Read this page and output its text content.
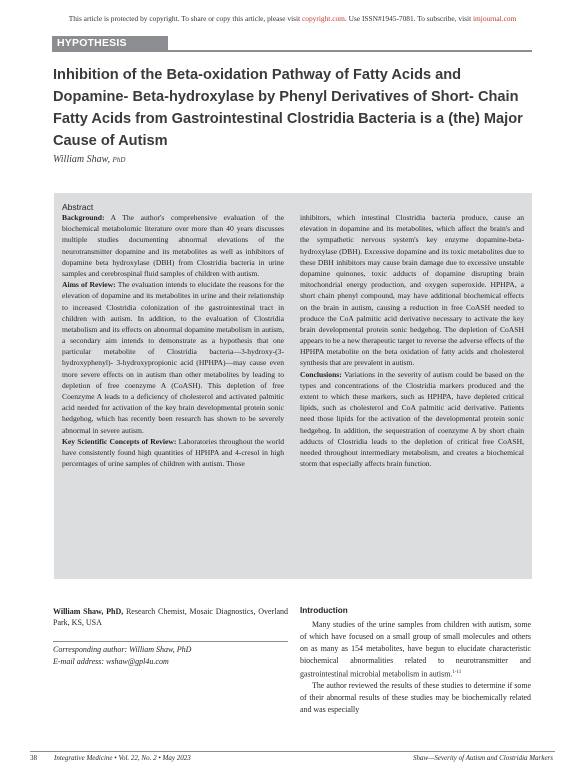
This article is protected by copyright. To share or copy this article, please visit copyright.com. Use ISSN#1945-7081. To subscribe, visit imjournal.com
HYPOTHESIS
Inhibition of the Beta-oxidation Pathway of Fatty Acids and Dopamine- Beta-hydroxylase by Phenyl Derivatives of Short- Chain Fatty Acids from Gastrointestinal Clostridia Bacteria is a (the) Major Cause of Autism
William Shaw, PhD
Abstract

Background: A The author's comprehensive evaluation of the biochemical metabolomic literature over more than 40 years discusses multiple studies documenting abnormal elevations of the neurotransmitter dopamine and its metabolites as well as inhibitors of dopamine beta hydroxylase (DBH) from Clostridia bacteria in urine samples and cerebrospinal fluid samples of children with autism.

Aims of Review: The evaluation intends to elucidate the reasons for the elevation of dopamine and its metabolites in urine and their relationship to increased Clostridia colonization of the gastrointestinal tract in children with autism. In addition, to the evaluation of Clostridia metabolism and its effects on abnormal dopamine metabolism in autism, a secondary aim intends to demonstrate as a hypothesis that one particular metabolite of Clostridia bacteria—3-hydroxy-(3-hydroxyphenyl)- 3-hydroxypropionic acid (HPHPA)—may cause even more severe effects on in autism than other metabolites by leading to depletion of free coenzyme A (CoASH). This depletion of free Coenzyme A leads to a deficiency of cholesterol and activated palmitic acid needed for activation of the key brain developmental protein sonic hedgehog, which has recently been research has shown to be severely abnormal in severe autism.

Key Scientific Concepts of Review: Laboratories throughout the world have consistently found high quantities of HPHPA and 4-cresol in high percentages of urine samples of children with autism. Those

inhibitors, which intestinal Clostridia bacteria produce, cause an elevation in dopamine and its metabolites, which affect the brain's and the sympathetic nervous system's key enzyme dopamine-beta-hydroxylase (DBH). Excessive dopamine and its toxic metabolites due to these DBH inhibitors may cause brain damage due to excessive unstable dopamine quinones, toxic adducts of dopamine disrupting brain mitochondrial energy production, and oxygen superoxide. HPHPA, a short chain phenyl compound, may have additional biochemical effects on the brain in autism, causing a reduction in free CoASH needed to produce the CoA palmitic acid derivative necessary to activate the key brain developmental protein sonic hedgehog. The depletion of CoASH appears to be a new therapeutic target to reverse the adverse effects of the HPHPA metabolite on the beta oxidation of fatty acids and cholesterol synthesis that are prevalent in autism.

Conclusions: Variations in the severity of autism could be based on the types and concentrations of the Clostridia markers produced and the extent to which these markers, such as HPHPA, have depleted critical lipids, such as cholesterol and CoA palmitic acid derivative. Patients need those lipids for the activation of the developmental protein sonic hedgehog. In addition, the sequestration of coenzyme A by short chain adducts of Clostridia leads to the depletion of critical free CoASH, needed throughout intermediary metabolism, and creates a biochemical storm that especially affects brain function.

William Shaw, PhD, Research Chemist, Mosaic Diagnostics, Overland Park, KS, USA

Corresponding author: William Shaw, PhD

E-mail address: wshaw@gpl4u.com

Introduction

Many studies of the urine samples from children with autism, some of which have focused on a small group of small molecules and others on as many as 154 metabolites, have begun to elucidate characteristic biochemical abnormalities related to neurotransmitter and gastrointestinal microbial metabolism in autism.$^{1-11}$

The author reviewed the results of these studies to determine if some of their abnormal results of these studies may be biochemically related and was especially

38 Integrative Medicine • Vol. 22, No. 2 • May 2023	Shaw—Severity of Autism and Clostridia Markers
